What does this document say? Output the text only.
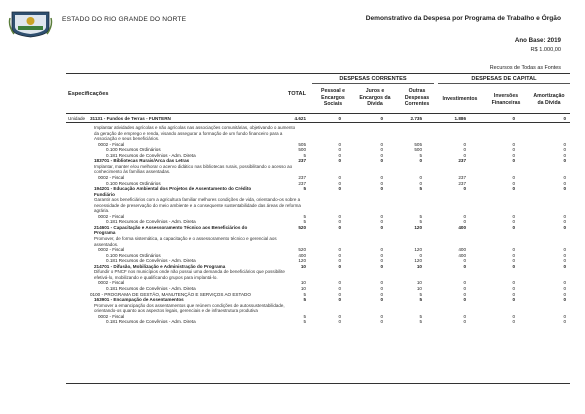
ESTADO DO RIO GRANDE DO NORTE	Demonstrativo da Despesa por Programa de Trabalho e Órgão
Ano Base: 2019
R$ 1.000,00
Recursos de Todas as Fontes
DESPESAS CORRENTES	DESPESAS DE CAPITAL
Especificações	TOTAL	Pessoal e
Encargos
Sociais
Juros e
Encargos da
Dívida
Outras
Despesas
Correntes
Investimentos	Inversões
Financeiras
Amortização
da Dívida
Unidade 31131 - Fundos de Terras - FUNTERN	4.621	0	0	2.735	1.886	0	0
Implantar atividades agrícolas e não agrícolas nas associações comunitárias, objetivando o aumento
da geração de emprego e renda, visando assegurar a formação de um fundo financeiro para a
Associação e seus beneficiários.
0002 - Fiscal	505	0	0	505	0	0	0
0.100 Recursos Ordinários	500	0	0	500	0	0	0
0.181 Recursos de Convênios - Adm. Direta	5	0	0	5	0	0	0
183701 - Bibliotecas Rurais/Arca das Letras	237	0	0	0	237	0	0
Implantar, manter e/ou melhorar o acervo didático nas bibliotecas rurais, possibilitando o acesso ao
conhecimento às famílias assentadas.
0002 - Fiscal	237	0	0	0	237	0	0
0.100 Recursos Ordinários	237	0	0	0	237	0	0
194201 - Educação Ambiental dos Projetos de Assentamento do Crédito	5	0	0	5	0	0	0
Fundiário
Garantir aos beneficiários com a agricultura familiar melhores condições de vida, orientando-os sobre a
necessidade de preservação do meio ambiente e a consequente sustentabilidade das áreas de reforma
agrária.
0002 - Fiscal	5	0	0	5	0	0	0
0.181 Recursos de Convênios - Adm. Direta	5	0	0	5	0	0	0
214601 - Capacitação e Assessoramento Técnico aos Beneficiários do	520	0	0	120	400	0	0
Programa
Promover, de forma sistemática, a capacitação e o assessoramento técnico e gerencial aos
assentados.
0002 - Fiscal	520	0	0	120	400	0	0
0.100 Recursos Ordinários	400	0	0	0	400	0	0
0.181 Recursos de Convênios - Adm. Direta	120	0	0	120	0	0	0
214701 - Difusão, Mobilização e Administração do Programa	10	0	0	10	0	0	0
Difundir o PNCF nos municípios onde não possui uma demanda de beneficiários que possibilite
efetivá-lo, mobilizando e qualificando grupos para implantá-lo.
0002 - Fiscal	10	0	0	10	0	0	0
0.181 Recursos de Convênios - Adm. Direta	10	0	0	10	0	0	0
0100 - PROGRAMA DE GESTÃO, MANUTENÇÃO E SERVIÇOS AO ESTADO	5	0	0	5	0	0	0
163901 - Encampação de Assentamentos	5	0	0	5	0	0	0
Promover a emancipação dos assentamentos que reúnem condições de autossustentabilidade,
orientando-os quanto aos aspectos legais, gerenciais e de infraestrutura produtiva
0002 - Fiscal	5	0	0	5	0	0	0
0.181 Recursos de Convênios - Adm. Direta	5	0	0	5	0	0	0
